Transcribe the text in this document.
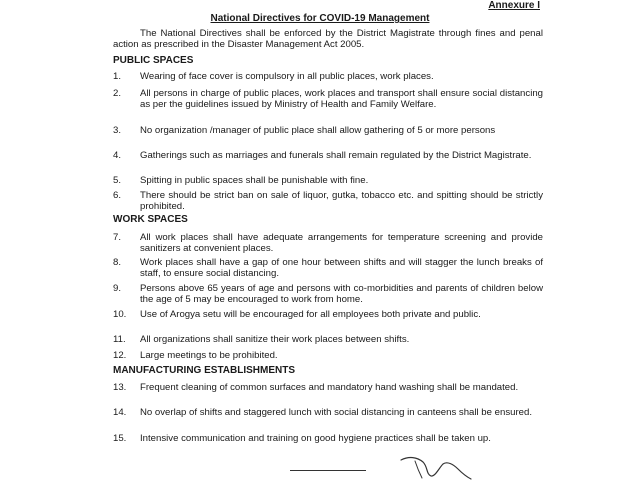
Annexure I
National Directives for COVID-19 Management
The National Directives shall be enforced by the District Magistrate through fines and penal action as prescribed in the Disaster Management Act 2005.
PUBLIC SPACES
1.	Wearing of face cover is compulsory in all public places, work places.
2.	All persons in charge of public places, work places and transport shall ensure social distancing as per the guidelines issued by Ministry of Health and Family Welfare.
3.	No organization /manager of public place shall allow gathering of 5 or more persons
4.	Gatherings such as marriages and funerals shall remain regulated by the District Magistrate.
5.	Spitting in public spaces shall be punishable with fine.
6.	There should be strict ban on sale of liquor, gutka, tobacco etc. and spitting should be strictly prohibited.
WORK SPACES
7.	All work places shall have adequate arrangements for temperature screening and provide sanitizers at convenient places.
8.	Work places shall have a gap of one hour between shifts and will stagger the lunch breaks of staff, to ensure social distancing.
9.	Persons above 65 years of age and persons with co-morbidities and parents of children below the age of 5 may be encouraged to work from home.
10.	Use of Arogya setu will be encouraged for all employees both private and public.
11.	All organizations shall sanitize their work places between shifts.
12.	Large meetings to be prohibited.
MANUFACTURING ESTABLISHMENTS
13.	Frequent cleaning of common surfaces and mandatory hand washing shall be mandated.
14.	No overlap of shifts and staggered lunch with social distancing in canteens shall be ensured.
15.	Intensive communication and training on good hygiene practices shall be taken up.
